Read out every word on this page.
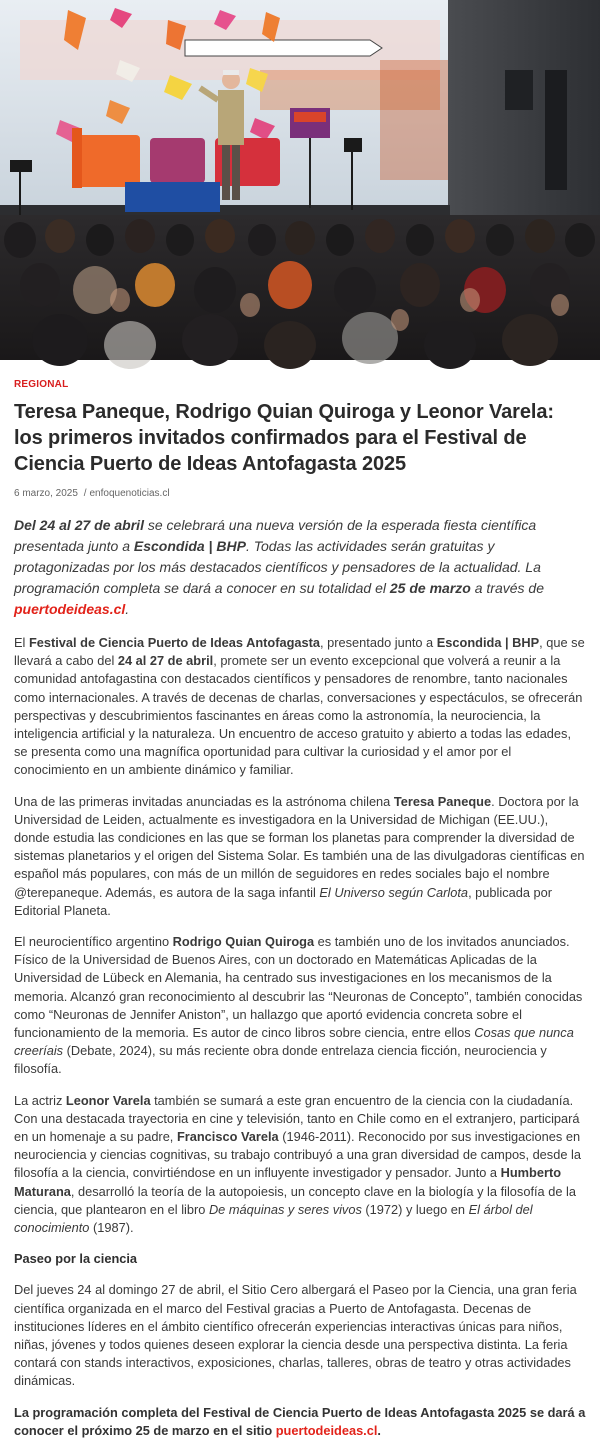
REGIONAL
Teresa Paneque, Rodrigo Quian Quiroga y Leonor Varela: los primeros invitados confirmados para el Festival de Ciencia Puerto de Ideas Antofagasta 2025
6 marzo, 2025 / enfoquenoticias.cl

Del 24 al 27 de abril se celebrará una nueva versión de la esperada fiesta científica presentada junto a Escondida | BHP. Todas las actividades serán gratuitas y protagonizadas por los más destacados científicos y pensadores de la actualidad. La programación completa se dará a conocer en su totalidad el 25 de marzo a través de puertodeideas.cl.

El Festival de Ciencia Puerto de Ideas Antofagasta, presentado junto a Escondida | BHP, que se llevará a cabo del 24 al 27 de abril, promete ser un evento excepcional que volverá a reunir a la comunidad antofagastina con destacados científicos y pensadores de renombre, tanto nacionales como internacionales. A través de decenas de charlas, conversaciones y espectáculos, se ofrecerán perspectivas y descubrimientos fascinantes en áreas como la astronomía, la neurociencia, la inteligencia artificial y la naturaleza. Un encuentro de acceso gratuito y abierto a todas las edades, se presenta como una magnífica oportunidad para cultivar la curiosidad y el amor por el conocimiento en un ambiente dinámico y familiar.

Una de las primeras invitadas anunciadas es la astrónoma chilena Teresa Paneque. Doctora por la Universidad de Leiden, actualmente es investigadora en la Universidad de Michigan (EE.UU.), donde estudia las condiciones en las que se forman los planetas para comprender la diversidad de sistemas planetarios y el origen del Sistema Solar. Es también una de las divulgadoras científicas en español más populares, con más de un millón de seguidores en redes sociales bajo el nombre @terepaneque. Además, es autora de la saga infantil El Universo según Carlota, publicada por Editorial Planeta.

El neurocientífico argentino Rodrigo Quian Quiroga es también uno de los invitados anunciados. Físico de la Universidad de Buenos Aires, con un doctorado en Matemáticas Aplicadas de la Universidad de Lübeck en Alemania, ha centrado sus investigaciones en los mecanismos de la memoria. Alcanzó gran reconocimiento al descubrir las “Neuronas de Concepto”, también conocidas como “Neuronas de Jennifer Aniston”, un hallazgo que aportó evidencia concreta sobre el funcionamiento de la memoria. Es autor de cinco libros sobre ciencia, entre ellos Cosas que nunca creeríais (Debate, 2024), su más reciente obra donde entrelaza ciencia ficción, neurociencia y filosofía.

La actriz Leonor Varela también se sumará a este gran encuentro de la ciencia con la ciudadanía. Con una destacada trayectoria en cine y televisión, tanto en Chile como en el extranjero, participará en un homenaje a su padre, Francisco Varela (1946-2011). Reconocido por sus investigaciones en neurociencia y ciencias cognitivas, su trabajo contribuyó a una gran diversidad de campos, desde la filosofía a la ciencia, convirtiéndose en un influyente investigador y pensador. Junto a Humberto Maturana, desarrolló la teoría de la autopoiesis, un concepto clave en la biología y la filosofía de la ciencia, que plantearon en el libro De máquinas y seres vivos (1972) y luego en El árbol del conocimiento (1987).

Paseo por la ciencia

Del jueves 24 al domingo 27 de abril, el Sitio Cero albergará el Paseo por la Ciencia, una gran feria científica organizada en el marco del Festival gracias a Puerto de Antofagasta. Decenas de instituciones líderes en el ámbito científico ofrecerán experiencias interactivas únicas para niños, niñas, jóvenes y todos quienes deseen explorar la ciencia desde una perspectiva distinta. La feria contará con stands interactivos, exposiciones, charlas, talleres, obras de teatro y otras actividades dinámicas.

La programación completa del Festival de Ciencia Puerto de Ideas Antofagasta 2025 se dará a conocer el próximo 25 de marzo en el sitio puertodeideas.cl.
